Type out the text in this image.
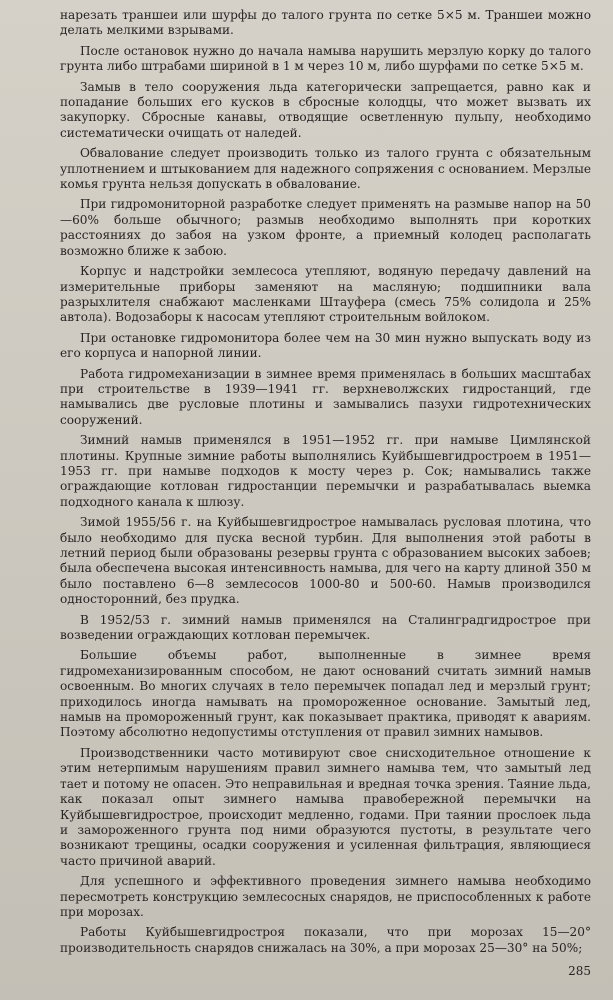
нарезать траншеи или шурфы до талого грунта по сетке 5×5 м. Траншеи можно делать мелкими взрывами.

После остановок нужно до начала намыва нарушить мерзлую корку до талого грунта либо штрабами шириной в 1 м через 10 м, либо шурфами по сетке 5×5 м.

Замыв в тело сооружения льда категорически запрещается, равно как и попадание больших его кусков в сбросные колодцы, что может вызвать их закупорку. Сбросные канавы, отводящие осветленную пульпу, необходимо систематически очищать от наледей.

Обвалование следует производить только из талого грунта с обязательным уплотнением и штыкованием для надежного сопряжения с основанием. Мерзлые комья грунта нельзя допускать в обвалование.

При гидромониторной разработке следует применять на размыве напор на 50—60% больше обычного; размыв необходимо выполнять при коротких расстояниях до забоя на узком фронте, а приемный колодец располагать возможно ближе к забою.

Корпус и надстройки землесоса утепляют, водяную передачу давлений на измерительные приборы заменяют на масляную; подшипники вала разрыхлителя снабжают масленками Штауфера (смесь 75% солидола и 25% автола). Водозаборы к насосам утепляют строительным войлоком.

При остановке гидромонитора более чем на 30 мин нужно выпускать воду из его корпуса и напорной линии.

Работа гидромеханизации в зимнее время применялась в больших масштабах при строительстве в 1939—1941 гг. верхневолжских гидростанций, где намывались две русловые плотины и замывались пазухи гидротехнических сооружений.

Зимний намыв применялся в 1951—1952 гг. при намыве Цимлянской плотины. Крупные зимние работы выполнялись Куйбышевгидростроем в 1951—1953 гг. при намыве подходов к мосту через р. Сок; намывались также ограждающие котлован гидростанции перемычки и разрабатывалась выемка подходного канала к шлюзу.

Зимой 1955/56 г. на Куйбышевгидрострое намывалась русловая плотина, что было необходимо для пуска весной турбин. Для выполнения этой работы в летний период были образованы резервы грунта с образованием высоких забоев; была обеспечена высокая интенсивность намыва, для чего на карту длиной 350 м было поставлено 6—8 землесосов 1000-80 и 500-60. Намыв производился односторонний, без прудка.

В 1952/53 г. зимний намыв применялся на Сталинградгидрострое при возведении ограждающих котлован перемычек.

Большие объемы работ, выполненные в зимнее время гидромеханизированным способом, не дают оснований считать зимний намыв освоенным. Во многих случаях в тело перемычек попадал лед и мерзлый грунт; приходилось иногда намывать на промороженное основание. Замытый лед, намыв на промороженный грунт, как показывает практика, приводят к авариям. Поэтому абсолютно недопустимы отступления от правил зимних намывов.

Производственники часто мотивируют свое снисходительное отношение к этим нетерпимым нарушениям правил зимнего намыва тем, что замытый лед тает и потому не опасен. Это неправильная и вредная точка зрения. Таяние льда, как показал опыт зимнего намыва правобережной перемычки на Куйбышевгидрострое, происходит медленно, годами. При таянии прослоек льда и замороженного грунта под ними образуются пустоты, в результате чего возникают трещины, осадки сооружения и усиленная фильтрация, являющиеся часто причиной аварий.

Для успешного и эффективного проведения зимнего намыва необходимо пересмотреть конструкцию землесосных снарядов, не приспособленных к работе при морозах.

Работы Куйбышевгидростроя показали, что при морозах 15—20° производительность снарядов снижалась на 30%, а при морозах 25—30° на 50%;

285
